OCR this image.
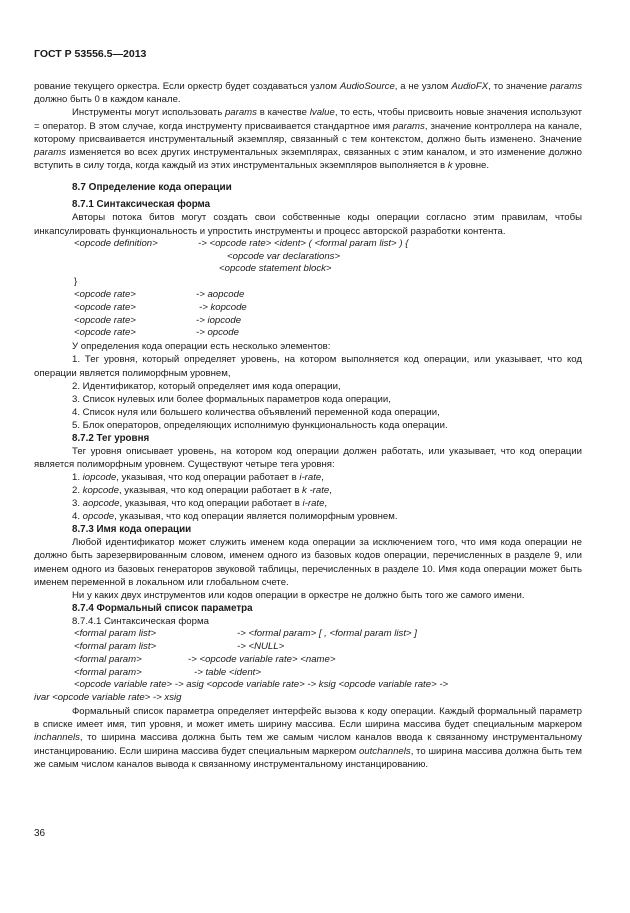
ГОСТ Р 53556.5—2013
рование текущего оркестра. Если оркестр будет создаваться узлом AudioSource, а не узлом AudioFX, то значение params должно быть 0 в каждом канале.
Инструменты могут использовать params в качестве lvalue, то есть, чтобы присвоить новые значения используют = оператор. В этом случае, когда инструменту присваивается стандартное имя params, значение контроллера на канале, которому присваивается инструментальный экземпляр, связанный с тем контекстом, должно быть изменено. Значение params изменяется во всех других инструментальных экземплярах, связанных с этим каналом, и это изменение должно вступить в силу тогда, когда каждый из этих инструментальных экземпляров выполняется в k уровне.
8.7 Определение кода операции
8.7.1 Синтаксическая форма
Авторы потока битов могут создать свои собственные коды операции согласно этим правилам, чтобы инкапсулировать функциональность и упростить инструменты и процесс авторской разработки контента.
<opcode definition>	-> <opcode rate> <ident> ( <formal param list> ) {
<opcode var declarations>
<opcode statement block>
}
<opcode rate>	-> aopcode
<opcode rate>	-> kopcode
<opcode rate>	-> iopcode
<opcode rate>	-> opcode
У определения кода операции есть несколько элементов:
1. Тег уровня, который определяет уровень, на котором выполняется код операции, или указывает, что код операции является полиморфным уровнем,
2. Идентификатор, который определяет имя кода операции,
3. Список нулевых или более формальных параметров кода операции,
4. Список нуля или большего количества объявлений переменной кода операции,
5. Блок операторов, определяющих исполнимую функциональность кода операции.
8.7.2 Тег уровня
Тег уровня описывает уровень, на котором код операции должен работать, или указывает, что код операции является полиморфным уровнем. Существуют четыре тега уровня:
1. iopcode, указывая, что код операции работает в i-rate,
2. kopcode, указывая, что код операции работает в k -rate,
3. aopcode, указывая, что код операции работает в i-rate,
4. opcode, указывая, что код операции является полиморфным уровнем.
8.7.3 Имя кода операции
Любой идентификатор может служить именем кода операции за исключением того, что имя кода операции не должно быть зарезервированным словом, именем одного из базовых кодов операции, перечисленных в разделе 9, или именем одного из базовых генераторов звуковой таблицы, перечисленных в разделе 10. Имя кода операции может быть именем переменной в локальном или глобальном счете.
Ни у каких двух инструментов или кодов операции в оркестре не должно быть того же самого имени.
8.7.4 Формальный список параметра
8.7.4.1 Синтаксическая форма
<formal param list>	-> <formal param> [ , <formal param list> ]
<formal param list>	-> <NULL>
<formal param>	-> <opcode variable rate> <name>
<formal param>	-> table <ident>
<opcode variable rate> -> asig <opcode variable rate> -> ksig <opcode variable rate> ->
ivar <opcode variable rate> -> xsig
Формальный список параметра определяет интерфейс вызова к коду операции. Каждый формальный параметр в списке имеет имя, тип уровня, и может иметь ширину массива. Если ширина массива будет специальным маркером inchannels, то ширина массива должна быть тем же самым числом каналов ввода к связанному инструментальному инстанцированию. Если ширина массива будет специальным маркером outchannels, то ширина массива должна быть тем же самым числом каналов вывода к связанному инструментальному инстанцированию.
36
